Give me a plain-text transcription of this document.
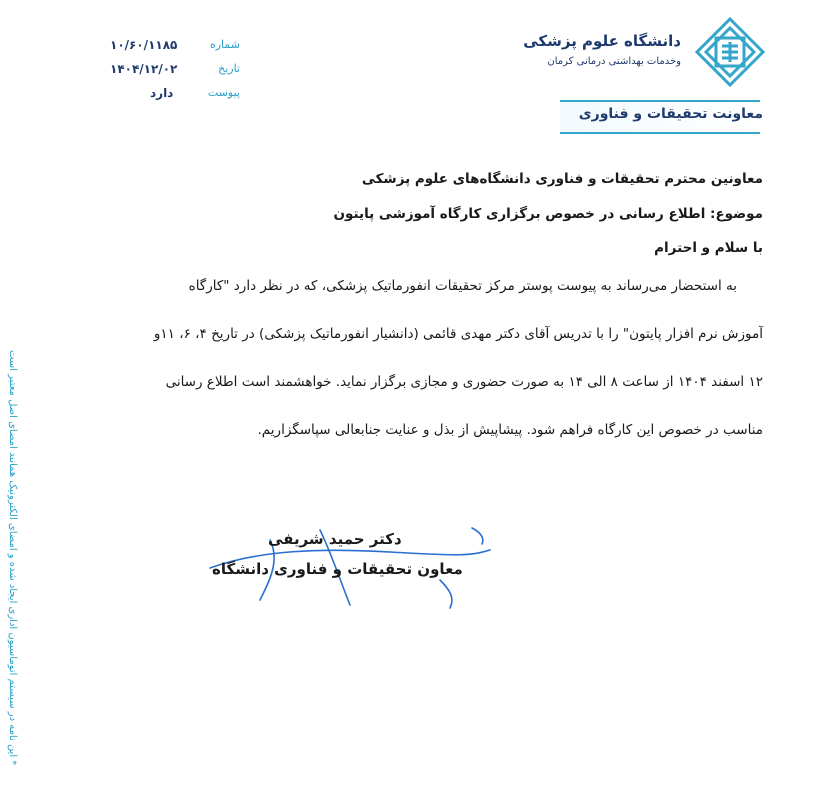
دانشگاه علوم پزشکی
وخدمات بهداشتی درمانی کرمان
معاونت تحقیقات و فناوری
شماره
۱۰/۶۰/۱۱۸۵
تاریخ
۱۴۰۴/۱۲/۰۲
پیوست
دارد
معاونین محترم تحقیقات و فناوری دانشگاه‌های علوم پزشکی
موضوع: اطلاع رسانی در خصوص برگزاری کارگاه آموزشی پایتون
با سلام و احترام
به استحضار می‌رساند به پیوست پوستر مرکز تحقیقات انفورماتیک پزشکی، که در نظر دارد "کارگاه
آموزش نرم افزار پایتون" را با تدریس آقای دکتر مهدی قائمی (دانشیار انفورماتیک پزشکی) در تاریخ ۴، ۶، ۱۱و
۱۲ اسفند ۱۴۰۴ از ساعت ۸ الی ۱۴ به صورت حضوری و مجازی برگزار نماید. خواهشمند است اطلاع رسانی
مناسب در خصوص این کارگاه فراهم شود. پیشاپیش از بذل و عنایت جنابعالی سپاسگزاریم.
دکتر حمید شریفی
معاون تحقیقات و فناوری دانشگاه
* این نامه در سیستم اتوماسیون اداری ایجاد شده و امضای الکترونیک همانند امضای اصل معتبر است
